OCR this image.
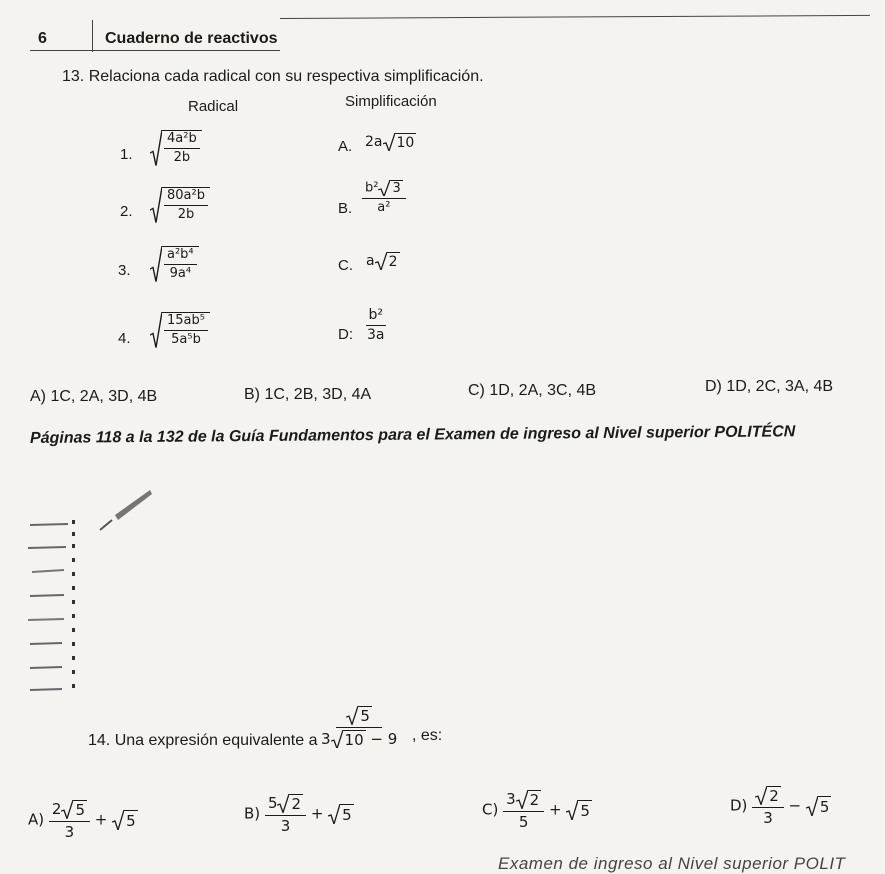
6	Cuaderno de reactivos
13. Relaciona cada radical con su respectiva simplificación.
Radical	Simplificación
1. $\frac{\text{4a²b}}{2b}$
2. $\frac{\text{80a²b}}{2b}$
3.	$\frac{\text{a²b⁴}}{\text{9a⁴}}$
4.	$\frac{\text{15ab⁵}}{\text{5a⁵b}}$
A. 2a 10
B. $\frac{\text{b² 3}}{\text{a²}}$
C. a 2
D: $\frac{\text{b²}}{3a}$
A) 1C, 2A, 3D, 4B	B) 1C, 2B, 3D, 4A	C) 1D, 2A, 3C, 4B	D) 1D, 2C, 3A, 4B
Páginas 118 a la 132 de la Guía Fundamentos para el Examen de ingreso al Nivel superior POLITÉCN
14. Una expresión equivalente a $\frac{5}{3 10 - 9}$ , es:
$A) \frac{2 5}{3} + 5$	$B) \frac{5 2}{3} + 5$	$C) \frac{3 2}{5} + 5$	$D) \frac{2}{3} - 5$
Examen de ingreso al Nivel superior POLIT
